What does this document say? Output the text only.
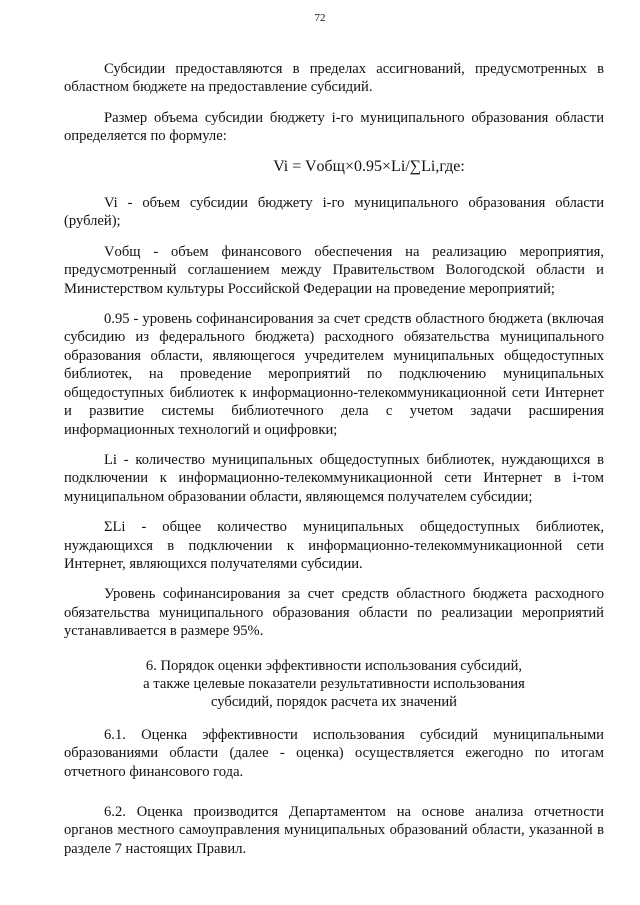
72

Субсидии предоставляются в пределах ассигнований, предусмотренных в областном бюджете на предоставление субсидий.

Размер объема субсидии бюджету i-го муниципального образования области определяется по формуле:

Vi = Vобщ×0.95×Li/∑Li,где:

Vi - объем субсидии бюджету i-го муниципального образования области (рублей);

Vобщ - объем финансового обеспечения на реализацию мероприятия, предусмотренный соглашением между Правительством Вологодской области и Министерством культуры Российской Федерации на проведение мероприятий;

0.95 - уровень софинансирования за счет средств областного бюджета (включая субсидию из федерального бюджета) расходного обязательства муниципального образования области, являющегося учредителем муниципальных общедоступных библиотек, на проведение мероприятий по подключению муниципальных общедоступных библиотек к информационно-телекоммуникационной сети Интернет и развитие системы библиотечного дела с учетом задачи расширения информационных технологий и оцифровки;

Li - количество муниципальных общедоступных библиотек, нуждающихся в подключении к информационно-телекоммуникационной сети Интернет в i-том муниципальном образовании области, являющемся получателем субсидии;

ΣLi - общее количество муниципальных общедоступных библиотек, нуждающихся в подключении к информационно-телекоммуникационной сети Интернет, являющихся получателями субсидии.

Уровень софинансирования за счет средств областного бюджета расходного обязательства муниципального образования области по реализации мероприятий устанавливается в размере 95%.

6. Порядок оценки эффективности использования субсидий,
а также целевые показатели результативности использования
субсидий, порядок расчета их значений

6.1. Оценка эффективности использования субсидий муниципальными образованиями области (далее - оценка) осуществляется ежегодно по итогам отчетного финансового года.

6.2. Оценка производится Департаментом на основе анализа отчетности органов местного самоуправления муниципальных образований области, указанной в разделе 7 настоящих Правил.
